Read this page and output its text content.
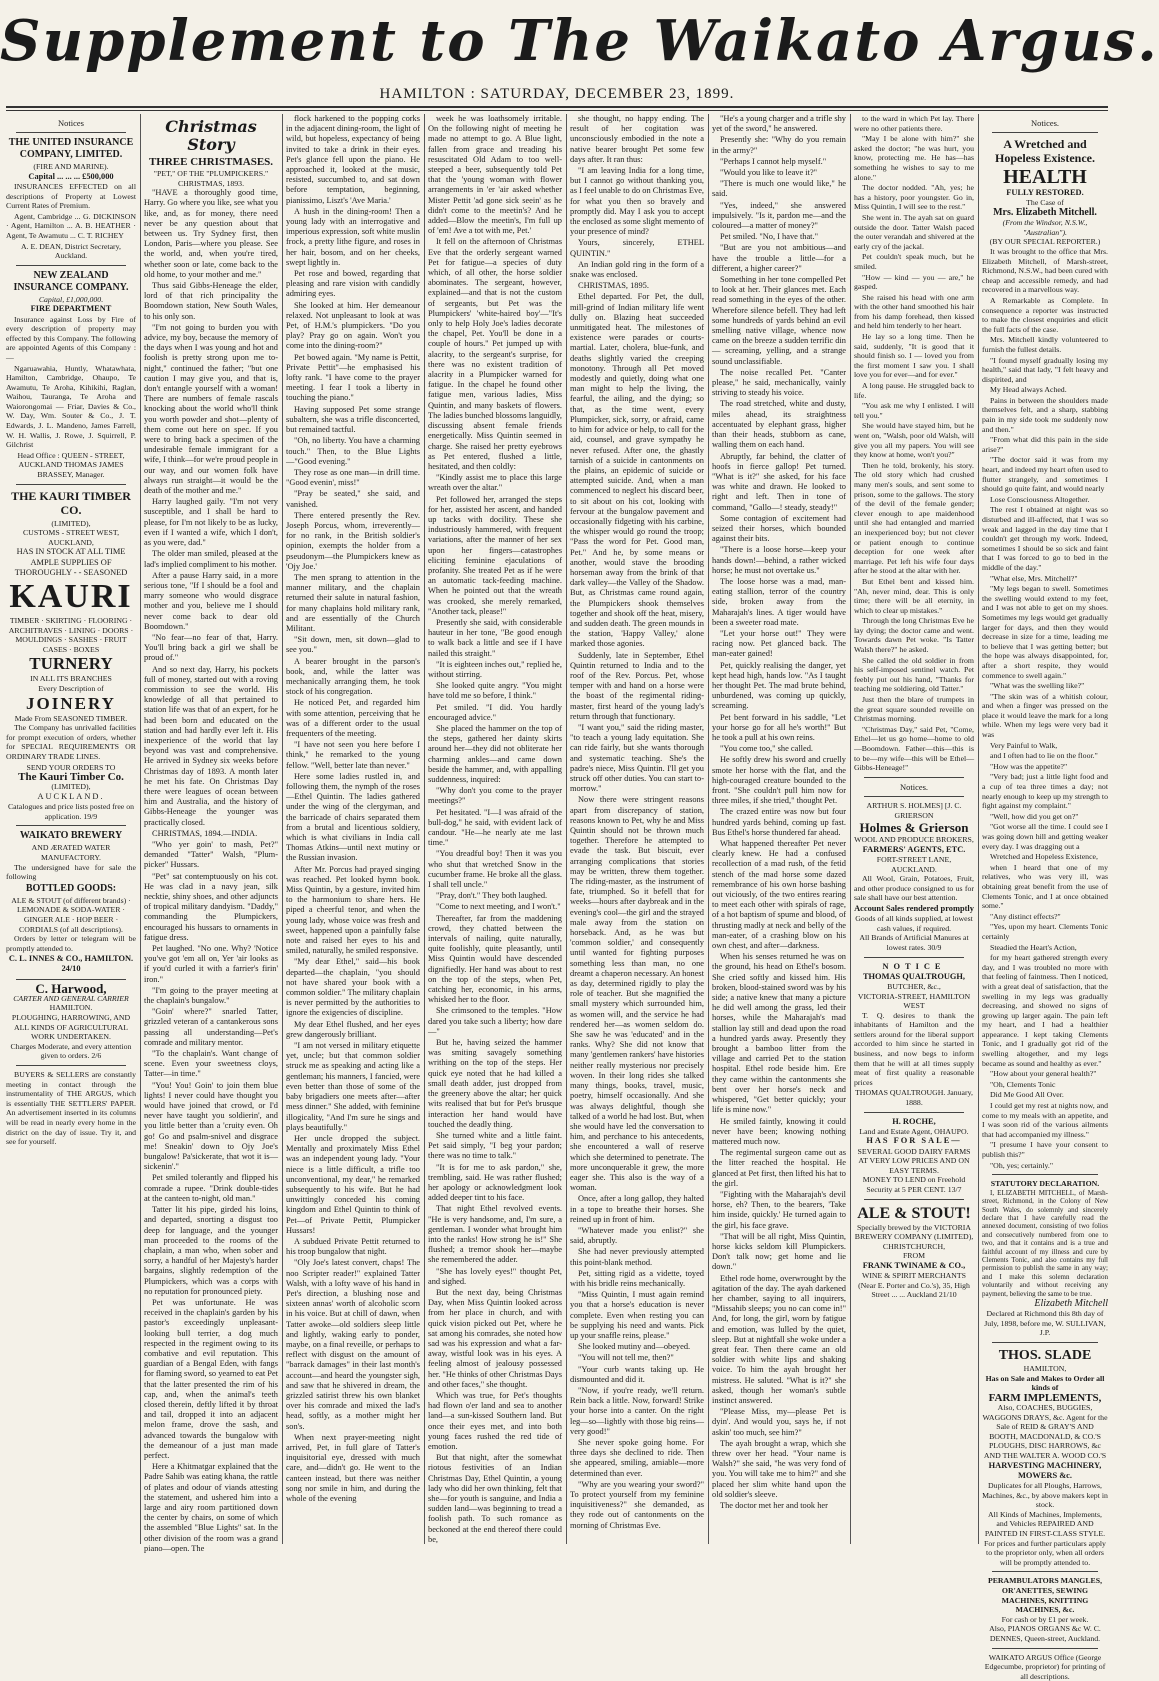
Supplement to The Waikato Argus.
HAMILTON : SATURDAY, DECEMBER 23, 1899.
Notices
THE UNITED INSURANCE COMPANY, LIMITED.
(FIRE AND MARINE).
Capital ... ... ... £500,000

INSURANCES EFFECTED on all descriptions of Property at Lowest Current Rates of Premium.

Agent, Cambridge ... G. DICKINSON · Agent, Hamilton ... A. B. HEATHER · Agent, Te Awamutu ... C. T. RICHEY

A. E. DEAN, District Secretary, Auckland.
NEW ZEALAND INSURANCE COMPANY.
Capital, £1,000,000.
FIRE DEPARTMENT

Insurance against Loss by Fire of every description of property may effected by this Company. The following are appointed Agents of this Company :—

Ngaruawahia, Huntly, Whatawhata, Hamilton, Cambridge, Ohaupo, Te Awamutu, Te Aroha, Kihikihi, Raglan, Waihou, Tauranga, Te Aroha and Waiorongomai — Friar, Davies & Co., W. Day, Wm. Souter & Co., J. T. Edwards, J. L. Mandeno, James Farrell, W. H. Wallis, J. Rowe, J. Squirrell, P. Gilchrist

Head Office : QUEEN - STREET, AUCKLAND THOMAS JAMES BRASSEY, Manager.
THE KAURI TIMBER CO.
(LIMITED),
CUSTOMS - STREET WEST, AUCKLAND,
HAS IN STOCK AT ALL TIME AMPLE SUPPLIES OF THOROUGHLY - - SEASONED
KAURI
TIMBER · SKIRTING · FLOORING · ARCHITRAVES · LINING · DOORS · MOULDINGS · SASHES · FRUIT CASES · BOXES
TURNERY
IN ALL ITS BRANCHES
Every Description of
JOINERY
Made From SEASONED TIMBER.

The Company has unrivalled facilities for prompt execution of orders, whether for SPECIAL REQUIREMENTS OR ORDINARY TRADE LINES.

SEND YOUR ORDERS TO
The Kauri Timber Co.
(LIMITED),
AUCKLAND.
Catalogues and price lists posted free on application. 19/9
WAIKATO BREWERY
AND ÆRATED WATER MANUFACTORY.

The undersigned have for sale the following

BOTTLED GOODS:
ALE & STOUT (of different brands) · LEMONADE & SODA-WATER · GINGER ALE · HOP BEER · CORDIALS (of all descriptions).

Orders by letter or telegram will be promptly attended to.

C. L. INNES & CO., HAMILTON. 24/10
C. Harwood,
CARTER AND GENERAL CARRIER
HAMILTON.
PLOUGHING, HARROWING, AND ALL KINDS OF AGRICULTURAL WORK UNDERTAKEN.
Charges Moderate, and every attention given to orders. 2/6

BUYERS & SELLERS are constantly meeting in contact through the instrumentality of THE ARGUS, which is essentially THE SETTLERS' PAPER. An advertisement inserted in its columns will be read in nearly every home in the district on the day of issue. Try it, and see for yourself.

Christmas Story
THREE CHRISTMASES.
"PET," OF THE "PLUMPICKERS."
CHRISTMAS, 1893.

"HAVE a thoroughly good time, Harry. Go where you like, see what you like, and, as for money, there need never be any question about that between us. Try Sydney first, then London, Paris—where you please. See the world, and, when you're tired, whether soon or late, come back to the old home, to your mother and me."

Thus said Gibbs-Heneage the elder, lord of that rich principality the Boomdown station, New South Wales, to his only son.

"I'm not going to burden you with advice, my boy, because the memory of the days when I was young and hot and foolish is pretty strong upon me to-night," continued the father; "but one caution I may give you, and that is, don't entangle yourself with a woman! There are numbers of female rascals knocking about the world who'll think you worth powder and shot—plenty of them come out here on spec. If you were to bring back a specimen of the undesirable female immigrant for a wife, I think—for we're proud people in our way, and our women folk have always run straight—it would be the death of the mother and me."

Harry laughed gaily. "I'm not very susceptible, and I shall be hard to please, for I'm not likely to be as lucky, even if I wanted a wife, which I don't, as you were, dad."

The older man smiled, pleased at the lad's implied compliment to his mother.

After a pause Harry said, in a more serious tone, "If I should be a fool and marry someone who would disgrace mother and you, believe me I should never come back to dear old Boomdown."

"No fear—no fear of that, Harry. You'll bring back a girl we shall be proud of."

And so next day, Harry, his pockets full of money, started out with a roving commission to see the world. His knowledge of all that pertained to station life was that of an expert, for he had been born and educated on the station and had hardly ever left it. His inexperience of the world that lay beyond was vast and comprehensive. He arrived in Sydney six weeks before Christmas day of 1893. A month later he met his fate. On Christmas Day there were leagues of ocean between him and Australia, and the history of Gibbs-Heneage the younger was practically closed.

CHRISTMAS, 1894.—INDIA.

"Who yer goin' to mash, Pet?" demanded "Tatter" Walsh, "Plum-picker" Hussars.

"Pet" sat contemptuously on his cot. He was clad in a navy jean, silk necktie, shiny shoes, and other adjuncts of tropical military dandyism. "Daddy," commanding the Plumpickers, encouraged his hussars to ornaments in fatigue dress.

Pet laughed. "No one. Why? 'Notice you've got 'em all on, Yer 'air looks as if you'd curled it with a farrier's firin' iron."

"I'm going to the prayer meeting at the chaplain's bungalow."

"Goin' where?" snarled Tatter, grizzled veteran of a cantankerous sons passing all understanding—Pet's comrade and military mentor.

"To the chaplain's. Want change of scene. Even your sweetness cloys, Tatter—in time."

"You! You! Goin' to join them blue lights! I never could have thought you would have joined that crowd, or I'd never have taught you soldierin', and you little better than a 'cruity even. Oh go! Go and psalm-snivel and disgrace me! Sneakin' down to Ojy Joe's bungalow! Pa'sickerate, that wot it is—sickenin'."

Pet smiled tolerantly and flipped his comrade a rupee. "Drink double-tides at the canteen to-night, old man."

Tatter lit his pipe, girded his loins, and departed, snorting a disgust too deep for language, and the younger man proceeded to the rooms of the chaplain, a man who, when sober and sorry, a handful of her Majesty's harder bargains, slightly redemption of the Plumpickers, which was a corps with no reputation for pronounced piety.

Pet was unfortunate. He was received in the chaplain's garden by his pastor's exceedingly unpleasant-looking bull terrier, a dog much respected in the regiment owing to its combative and evil reputation. This guardian of a Bengal Eden, with fangs for flaming sword, so yearned to eat Pet that the latter presented the rim of his cap, and, when the animal's teeth closed therein, deftly lifted it by throat and tail, dropped it into an adjacent melon frame, drove the sash, and advanced towards the bungalow with the demeanour of a just man made perfect.

Here a Khitmatgar explained that the Padre Sahib was eating khana, the rattle of plates and odour of viands attesting the statement, and ushered him into a large and airy room partitioned down the center by chairs, on some of which the assembled "Blue Lights" sat. In the other division of the room was a grand piano—open. The

flock harkened to the popping corks in the adjacent dining-room, the light of wild, but hopeless, expectancy of being invited to take a drink in their eyes. Pet's glance fell upon the piano. He approached it, looked at the music, resisted, succumbed to, and sat down before temptation, beginning, pianissimo, Liszt's 'Ave Maria.'

A hush in the dining-room! Then a young lady with an interrogative and imperious expression, soft white muslin frock, a pretty lithe figure, and roses in her hair, bosom, and on her cheeks, swept lightly in.

Pet rose and bowed, regarding that pleasing and rare vision with candidly admiring eyes.

She looked at him. Her demeanour relaxed. Not unpleasant to look at was Pet, of H.M.'s plumpickers. "Do you play? Pray go on again. Won't you come into the dining-room?"

Pet bowed again. "My name is Pettit, Private Pettit"—he emphasised his lofty rank. "I have come to the prayer meeting. I fear I took a liberty in touching the piano."

Having supposed Pet some strange subaltern, she was a trifle disconcerted, but remained tactful.

"Oh, no liberty. You have a charming touch." Then, to the Blue Lights—"Good evening."

They rose as one man—in drill time. "Good evenin', miss!"

"Pray be seated," she said, and vanished.

There entered presently the Rev. Joseph Porcus, whom, irreverently—for no rank, in the British soldier's opinion, exempts the holder from a pseudonym—the Plumpickers knew as 'Ojy Joe.'

The men sprang to attention in the manner military, and the chaplain returned their salute in natural fashion, for many chaplains hold military rank, and are essentially of the Church Militant.

"Sit down, men, sit down—glad to see you."

A bearer brought in the parson's book, and, while the latter was mechanically arranging them, he took stock of his congregation.

He noticed Pet, and regarded him with some attention, perceiving that he was of a different order to the usual frequenters of the meeting.

"I have not seen you here before I think," he remarked to the young fellow. "Well, better late than never."

Here some ladies rustled in, and following them, the nymph of the roses—Ethel Quintin. The ladies gathered under the wing of the clergyman, and the barricade of chairs separated them from a brutal and licentious soldiery, which is what civilians in India call Thomas Atkins—until next mutiny or the Russian invasion.

After Mr. Porcus had prayed singing was reached. Pet looked hymn book. Miss Quintin, by a gesture, invited him to the harmonium to share hers. He piped a cheerful tenor, and when the young lady, whose voice was fresh and sweet, happened upon a painfully false note and raised her eyes to his and smiled, naturally, he smiled responsive.

"My dear Ethel," said—his book departed—the chaplain, "you should not have shared your book with a common soldier." The military chaplain is never permitted by the authorities to ignore the exigencies of discipline.

My dear Ethel flushed, and her eyes grew dangerously brilliant.

"I am not versed in military etiquette yet, uncle; but that common soldier struck me as speaking and acting like a gentleman; his manners, I fancied, were even better than those of some of the baby brigadiers one meets after—after mess dinner." She added, with feminine illogicality, "And I'm sure he sings and plays beautifully."

Her uncle dropped the subject. Mentally and proximately Miss Ethel was an independent young lady. "Your niece is a little difficult, a trifle too unconventional, my dear," he remarked subsequently to his wife. But he had unwittingly conceded his coming kingdom and Ethel Quintin to think of Pet—of Private Pettit, Plumpicker Hussars!

A subdued Private Pettit returned to his troop bungalow that night.

"Oly Joe's latest convert, chaps! The noo Scripter reader!" explained Tatter Walsh, with a lofty wave of his hand in Pet's direction, a blushing nose and sixteen annas' worth of alcoholic scorn in his voice. But at chill of dawn, when Tatter awoke—old soldiers sleep little and lightly, waking early to ponder, maybe, on a final reveille, or perhaps to reflect with disgust on the amount of "barrack damages" in their last month's account—and heard the youngster sigh, and saw that he shivered in dream, the grizzled satirist threw his own blanket over his comrade and mixed the lad's head, softly, as a mother might her son's.

When next prayer-meeting night arrived, Pet, in full glare of Tatter's inquisitorial eye, dressed with much care, and—didn't go. He went to the canteen instead, but there was neither song nor smile in him, and during the whole of the evening

week he was loathsomely irritable. On the following night of meeting he made no attempt to go. A Blue light, fallen from grace and treading his resuscitated Old Adam to too well-steeped a beer, subsequently told Pet that the 'young woman with flower arrangements in 'er 'air asked whether Mister Pettit 'ad gone sick seein' as he didn't come to the meetin's? And he added—Blow the meetin's, I'm full up of 'em! Ave a tot with me, Pet.'

It fell on the afternoon of Christmas Eve that the orderly sergeant warned Pet for fatigue—a species of duty which, of all other, the horse soldier abominates. The sergeant, however, explained—and that is not the custom of sergeants, but Pet was the Plumpickers' 'white-haired boy'—"It's only to help Holy Joe's ladies decorate the chapel, Pet. You'll be done in a couple of hours." Pet jumped up with alacrity, to the sergeant's surprise, for there was no existent tradition of alacrity in a Plumpicker warned for fatigue. In the chapel he found other fatigue men, various ladies, Miss Quintin, and many baskets of flowers. The ladies bunched blossoms languidly, discussing absent female friends energetically. Miss Quintin seemed in charge. She raised her pretty eyebrows as Pet entered, flushed a little, hesitated, and then coldly:

"Kindly assist me to place this large wreath over the altar."

Pet followed her, arranged the steps for her, assisted her ascent, and handed up tacks with docility. These she industriously hammered, with frequent variations, after the manner of her sex upon her fingers—catastrophes eliciting feminine ejaculations of profanity. She treated Pet as if he were an automatic tack-feeding machine. When he pointed out that the wreath was crooked, she merely remarked, "Another tack, please!"

Presently she said, with considerable hauteur in her tone, "Be good enough to walk back a little and see if I have nailed this straight."

"It is eighteen inches out," replied he, without stirring.

She looked quite angry. "You might have told me so before, I think."

Pet smiled. "I did. You hardly encouraged advice."

She placed the hammer on the top of the steps, gathered her dainty skirts around her—they did not obliterate her charming ankles—and came down beside the hammer, and, with appalling suddenness, inquired:

"Why don't you come to the prayer meetings?"

Pet hesitated. "I—I was afraid of the bull-dog," he said, with evident lack of candour. "He—he nearly ate me last time."

"You dreadful boy! Then it was you who shut that wretched Snow in the cucumber frame. He broke all the glass. I shall tell uncle."

"Pray, don't." They both laughed.

"Come to next meeting, and I won't."

Thereafter, far from the maddening crowd, they chatted between the intervals of nailing, quite naturally, quite foolishly, quite pleasantly, until Miss Quintin would have descended dignifiedly. Her hand was about to rest on the top of the steps, when Pet, catching her, economic, in his arms, whisked her to the floor.

She crimsoned to the temples. "How dared you take such a liberty; how dare—"

But he, having seized the hammer was smiting savagely something writhing on the top of the steps. Her quick eye noted that he had killed a small death adder, just dropped from the greenery above the altar; her quick wits realised that but for Pet's brusque interaction her hand would have touched the deadly thing.

She turned white and a little faint. Pet said simply, "I beg your pardon; there was no time to talk."

"It is for me to ask pardon," she, trembling, said. He was rather flushed; her apology or acknowledgment look added deeper tint to his face.

That night Ethel revolved events. "He is very handsome, and, I'm sure, a gentleman. I wonder what brought him into the ranks! How strong he is!" She flushed; a tremor shook her—maybe she remembered the adder.

"She has lovely eyes!" thought Pet, and sighed.

But the next day, being Christmas Day, when Miss Quintin looked across from her place in church, and with quick vision picked out Pet, where he sat among his comrades, she noted how sad was his expression and what a far-away, wistful look was in his eyes. A feeling almost of jealousy possessed her. "He thinks of other Christmas Days and other faces," she thought.

Which was true, for Pet's thoughts had flown o'er land and sea to another land—a sun-kissed Southern land. But once their eyes met, and into both young faces rushed the red tide of emotion.

But that night, after the somewhat riotous festivities of an Indian Christmas Day, Ethel Quintin, a young lady who did her own thinking, felt that she—for youth is sanguine, and India a sudden land—was beginning to tread a foolish path. To such romance as beckoned at the end thereof there could be,

she thought, no happy ending. The result of her cogitation was unconsciously embodied in the note a native bearer brought Pet some few days after. It ran thus:

"I am leaving India for a long time, but I cannot go without thanking you, as I feel unable to do on Christmas Eve, for what you then so bravely and promptly did. May I ask you to accept the enclosed as some slight memento of your presence of mind?

Yours, sincerely, ETHEL QUINTIN."

An Indian gold ring in the form of a snake was enclosed.

CHRISTMAS, 1895.

Ethel departed. For Pet, the dull, mill-grind of Indian military life went dully on. Blazing heat succeeded unmitigated heat. The milestones of existence were parades or courts-martial. Later, cholera, blue-funk, and deaths slightly varied the creeping monotony. Through all Pet moved modestly and quietly, doing what one man might to help the living, the fearful, the ailing, and the dying; so that, as the time went, every Plumpicker, sick, sorry, or afraid, came to him for advice or help, to call for the aid, counsel, and grave sympathy he never refused. After one, the ghastly tarnish of a suicide in cantonments on the plains, an epidemic of suicide or attempted suicide. And, when a man commenced to neglect his discard beer, to sit about on his cot, looking with fervour at the bungalow pavement and occasionally fidgeting with his carbine, the whisper would go round the troop; "Pass the word for Pet. Good man, Pet." And he, by some means or another, would stave the brooding horseman away from the brink of that dark valley—the Valley of the Shadow. But, as Christmas came round again, the Plumpickers shook themselves together and shook off the heat, misery, and sudden death. The green mounds in the station, 'Happy Valley,' alone marked those agonies.

Suddenly, late in September, Ethel Quintin returned to India and to the roof of the Rev. Porcus. Pet, whose temper with and hand on a horse were the boast of the regimental riding-master, first heard of the young lady's return through that functionary.

"I want you," said the riding master, "to teach a young lady equitation. She can ride fairly, but she wants thorough and systematic teaching. She's the padre's niece, Miss Quintin. I'll get you struck off other duties. You can start to-morrow."

Now there were stringent reasons apart from discrepancy of station, reasons known to Pet, why he and Miss Quintin should not be thrown much together. Therefore he attempted to evade the task. But biscuit, ever arranging complications that stories may be written, threw them together. The riding-master, as the instrument of fate, triumphed. So it befell that for weeks—hours after daybreak and in the evening's cool—the girl and the strayed male away from the station on horseback. And, as he was but 'common soldier,' and consequently until wanted for fighting purposes something less than man, no one dreamt a chaperon necessary. An honest as day, determined rigidly to play the role of teacher. But she magnified the small mystery which surrounded him, as women will, and the service he had rendered her—as women seldom do. She saw he was 'educated' and in the ranks. Why? She did not know that many 'gentlemen rankers' have histories neither really mysterious nor precisely woven. In their long rides she talked many things, books, travel, music, poetry, himself occasionally. And she was always delightful, though she talked of a world he had lost. But, when she would have led the conversation to him, and perchance to his antecedents, she encountered a wall of reserve which she determined to penetrate. The more unconquerable it grew, the more eager she. This also is the way of a woman.

Once, after a long gallop, they halted in a tope to breathe their horses. She reined up in front of him.

"Whatever made you enlist?" she said, abruptly.

She had never previously attempted this point-blank method.

Pet, sitting rigid as a vidette, toyed with his bridle reins mechanically.

"Miss Quintin, I must again remind you that a horse's education is never complete. Even when resting you can be supplying his need and wants. Pick up your snaffle reins, please."

She looked mutiny and—obeyed.

"You will not tell me, then?"

"Your curb wants taking up. He dismounted and did it.

"Now, if you're ready, we'll return. Rein back a little. Now, forward! Strike your horse into a canter. On the right leg—so—lightly with those big reins—very good!"

She never spoke going home. For three days she declined to ride. Then she appeared, smiling, amiable—more determined than ever.

"Why are you wearing your sword?" To protect yourself from my feminine inquisitiveness?" she demanded, as they rode out of cantonments on the morning of Christmas Eve.

"He's a young charger and a trifle shy yet of the sword," he answered.

Presently she: "Why do you remain in the army?"

"Perhaps I cannot help myself."

"Would you like to leave it?"

"There is much one would like," he said.

"Yes, indeed," she answered impulsively. "Is it, pardon me—and the coloured—a matter of money?"

Pet smiled. "No, I have that."

"But are you not ambitious—and have the trouble a little—for a different, a higher career?"

Something in her tone compelled Pet to look at her. Their glances met. Each read something in the eyes of the other. Wherefore silence befell. They had left some hundreds of yards behind an evil smelling native village, whence now came on the breeze a sudden terrific din — screaming, yelling, and a strange sound unclassifiable.

The noise recalled Pet. "Canter please," he said, mechanically, vainly striving to steady his voice.

The road stretched, white and dusty, miles ahead, its straightness accentuated by elephant grass, higher than their heads, stubborn as cane, walling them on each hand.

Abruptly, far behind, the clatter of hoofs in fierce gallop! Pet turned. "What is it?" she asked, for his face was white and drawn. He looked to right and left. Then in tone of command, "Gallo—! steady, steady!"

Some contagion of excitement had seized their horses, which bounded against their bits.

"There is a loose horse—keep your hands down!—behind, a rather wicked horse; he must not overtake us."

The loose horse was a mad, man-eating stallion, terror of the country side, broken away from the Maharajah's lines. A tiger would have been a sweeter road mate.

"Let your horse out!" They were racing now. Pet glanced back. The man-eater gained!

Pet, quickly realising the danger, yet kept head high, hands low. "As I taught her thought Pet. The mad brute behind, unburdened, was coming up quickly, screaming.

Pet bent forward in his saddle, "Let your horse go for all he's worth!" But he took a pull at his own reins.

"You come too," she called.

He softly drew his sword and cruelly smote her horse with the flat, and the high-couraged creature bounded to the front. "She couldn't pull him now for three miles, if she tried," thought Pet.

The crazed entire was now but four hundred yards behind, coming up fast. Bus Ethel's horse thundered far ahead.

What happened thereafter Pet never clearly knew. He had a confused recollection of a mad rush, of the fetid stench of the mad horse some dazed remembrance of his own horse bashing out viciously, of the two entires rearing to meet each other with spirals of rage, of a hot baptism of spume and blood, of thrusting madly at neck and belly of the man-eater, of a crashing blow on his own chest, and after—darkness.

When his senses returned he was on the ground, his head on Ethel's bosom. She cried softly and kissed him. His broken, blood-stained sword was by his side; a native knew that many a picture he did well among the grass, led their horses, while the Maharajah's mad stallion lay still and dead upon the road a hundred yards away. Presently they brought a bamboo litter from the village and carried Pet to the station hospital. Ethel rode beside him. Ere they came within the cantonments she bent over her horse's neck and whispered, "Get better quickly; your life is mine now."

He smiled faintly, knowing it could never have been; knowing nothing mattered much now.

The regimental surgeon came out as the litter reached the hospital. He glanced at Pet first, then lifted his hat to the girl.

"Fighting with the Maharajah's devil horse, eh? Then, to the bearers, 'Take him inside, quickly.' He turned again to the girl, his face grave.

"That will be all right, Miss Quintin, horse kicks seldom kill Plumpickers. Don't talk now; get home and lie down."

Ethel rode home, overwrought by the agitation of the day. The ayah darkened her chamber, saying to all inquirers, "Missahib sleeps; you no can come in!" And, for long, the girl, worn by fatigue and emotion, was lulled by the quiet, sleep. But at nightfall she woke under a great fear. Then there came an old soldier with white lips and shaking voice. To him the ayah brought her mistress. He saluted. "What is it?" she asked, though her woman's subtle instinct answered.

"Please Miss, my—please Pet is dyin'. And would you, says he, if not askin' too much, see him?"

The ayah brought a wrap, which she threw over her head. "Your name is Walsh?" she said, "he was very fond of you. You will take me to him?" and she placed her slim white hand upon the old soldier's sleeve.

The doctor met her and took her

to the ward in which Pet lay. There were no other patients there.

"May I be alone with him?" she asked the doctor; "he was hurt, you know, protecting me. He has—has something he wishes to say to me alone."

The doctor nodded. "Ah, yes; he has a history, poor youngster. Go in, Miss Quintin, I will see to the rest."

She went in. The ayah sat on guard outside the door. Tatter Walsh paced the outer verandah and shivered at the early cry of the jackal.

Pet couldn't speak much, but he smiled.

"How — kind — you — are," he gasped.

She raised his head with one arm with the other hand smoothed his hair from his damp forehead, then kissed and held him tenderly to her heart.

He lay so a long time. Then he said, suddenly, "It is good that it should finish so. I — loved you from the first moment I saw you. I shall love you for ever—and for ever."

A long pause. He struggled back to life.

"You ask me why I enlisted. I will tell you."

She would have stayed him, but he went on, "Walsh, poor old Walsh, will give you all my papers. You will see they know at home, won't you?"

Then he told, brokenly, his story. The old story which had crushed many men's souls, and sent some to prison, some to the gallows. The story of the devil of the female gender; clever enough to ape maidenhood until she had entangled and married an inexperienced boy; but not clever or patient enough to continue deception for one week after marriage. Pet left his wife four days after he stood at the altar with her.

But Ethel bent and kissed him. "Ah, never mind, dear. This is only time; there will be all eternity, in which to clear up mistakes."

Through the long Christmas Eve he lay dying; the doctor came and went. Towards dawn Pet woke. "Is Tatter Walsh there?" he asked.

She called the old soldier in from his self-imposed sentinel watch. Pet feebly put out his hand, "Thanks for teaching me soldiering, old Tatter."

Just then the blare of trumpets in the great square sounded reveille on Christmas morning.

"Christmas Day," said Pet, "Come, Ethel—let us go home—home to old—Boomdown. Father—this—this is to be—my wife—this will be Ethel—Gibbs-Heneage!"

Notices.
ARTHUR S. HOLMES] [J. C. GRIERSON
Holmes & Grierson
WOOL AND PRODUCE BROKERS,
FARMERS' AGENTS, ETC.
FORT-STREET LANE, AUCKLAND.

All Wool, Grain, Potatoes, Fruit, and other produce consigned to us for sale shall have our best attention.

Account Sales rendered promptly
Goods of all kinds supplied, at lowest cash values, if required.
All Brands of Artificial Manures at lowest rates. 30/9
NOTICE
THOMAS QUALTROUGH,
BUTCHER, &c.,
VICTORIA-STREET, HAMILTON WEST

T. Q. desires to thank the inhabitants of Hamilton and the settlers around for the liberal support accorded to him since he started in business, and now begs to inform them that he will at all times supply meat of first quality a reasonable prices

THOMAS QUALTROUGH. January, 1888.
H. ROCHE,
Land and Estate Agent, OHAUPO.
HAS FOR SALE—
SEVERAL GOOD DAIRY FARMS AT VERY LOW PRICES AND ON EASY TERMS.
MONEY TO LEND on Freehold Security at 5 PER CENT. 13/7
ALE & STOUT!
Specially brewed by the VICTORIA BREWERY COMPANY (LIMITED), CHRISTCHURCH,
FROM
FRANK TWINAME & CO.,
WINE & SPIRIT MERCHANTS
(Near E. Porter and Co.'s), 35, High Street ... ... Auckland 21/10
Notices.
A Wretched and Hopeless Existence.
HEALTH
FULLY RESTORED.
The Case of
Mrs. Elizabeth Mitchell.
(From the Windsor, N.S.W., "Australian").
(BY OUR SPECIAL REPORTER.)

It was brought to the office that Mrs. Elizabeth Mitchell, of Marsh-street, Richmond, N.S.W., had been cured with cheap and accessible remedy, and had recovered in a marvellous way.

A Remarkable as Complete. In consequence a reporter was instructed to make the closest enquiries and elicit the full facts of the case.

Mrs. Mitchell kindly volunteered to furnish the fullest details.

"I found myself gradually losing my health," said that lady, "I felt heavy and dispirited, and

My Head always Ached.

Pains in between the shoulders made themselves felt, and a sharp, stabbing pain in my side took me suddenly now and then."

"From what did this pain in the side arise?"

"The doctor said it was from my heart, and indeed my heart often used to flutter strangely, and sometimes I should go quite faint, and would nearly

Lose Consciousness Altogether.

The rest I obtained at night was so disturbed and ill-affected, that I was so weak and lagged in the day time that I couldn't get through my work. Indeed, sometimes I should be so sick and faint that I was forced to go to bed in the middle of the day."

"What else, Mrs. Mitchell?"

"My legs began to swell. Sometimes the swelling would extend to my feet, and I was not able to get on my shoes. Sometimes my legs would get gradually larger for days, and then they would decrease in size for a time, leading me to believe that I was getting better; but the hope was always disappointed, for, after a short respite, they would commence to swell again."

"What was the swelling like?"

"The skin was of a whitish colour, and when a finger was pressed on the place it would leave the mark for a long while. When my legs were very bad it was

Very Painful to Walk,

and I often had to lie on the floor."

"How was the appetite?"

"Very bad; just a little light food and a cup of tea three times a day; not nearly enough to keep up my strength to fight against my complaint."

"Well, how did you get on?"

"Got worse all the time. I could see I was going down hill and getting weaker every day. I was dragging out a

Wretched and Hopeless Existence,

when I heard that one of my relatives, who was very ill, was obtaining great benefit from the use of Clements Tonic, and I at once obtained some."

"Any distinct effects?"

"Yes, upon my heart. Clements Tonic certainly

Steadied the Heart's Action,

for my heart gathered strength every day, and I was troubled no more with that feeling of faintness. Then I noticed, with a great deal of satisfaction, that the swelling in my legs was gradually decreasing, and showed no signs of growing up larger again. The pain left my heart, and I had a healthier appearance. I kept taking Clements Tonic, and I gradually got rid of the swelling altogether, and my legs became as sound and healthy as ever."

"How about your general health?"

"Oh, Clements Tonic

Did Me Good All Over.

I could get my rest at nights now, and come to my meals with an appetite, and I was soon rid of the various ailments that had accompanied my illness."

"I presume I have your consent to publish this?"

"Oh, yes; certainly."

STATUTORY DECLARATION.

I, ELIZABETH MITCHELL, of Marsh-street, Richmond, in the Colony of New South Wales, do solemnly and sincerely declare that I have carefully read the annexed document, consisting of two folios and consecutively numbered from one to two, and that it contains and is a true and faithful account of my illness and cure by Clements Tonic, and also contains my full permission to publish the same in any way; and I make this solemn declaration voluntarily and without receiving any payment, believing the same to be true.

Elizabeth Mitchell
Declared at Richmond this 8th day of July, 1898, before me, W. SULLIVAN, J.P.
THOS. SLADE
HAMILTON,
Has on Sale and Makes to Order all kinds of
FARM IMPLEMENTS,
Also, COACHES, BUGGIES, WAGGONS DRAYS, &c. Agent for the Sale of REID & GRAY'S AND BOOTH, MACDONALD, & CO.'S PLOUGHS, DISC HARROWS, &c AND THE WALTER A. WOOD CO.'S
HARVESTING MACHINERY, MOWERS &c.
Duplicates for all Ploughs, Harrows, Machines, &c., by above makers kept in stock.
All Kinds of Machines, Implements, and Vehicles REPAIRED AND PAINTED IN FIRST-CLASS STYLE.
For prices and further particulars apply to the proprietor only, when all orders will be promptly attended to.
PERAMBULATORS MANGLES, OR'ANETTES, SEWING MACHINES, KNITTING MACHINES, &c.
For cash or by £1 per week.
Also, PIANOS ORGANS &c W. C. DENNES, Queen-street, Auckland.
WAIKATO ARGUS Office (George Edgecumbe, proprietor) for printing of all descriptions.
